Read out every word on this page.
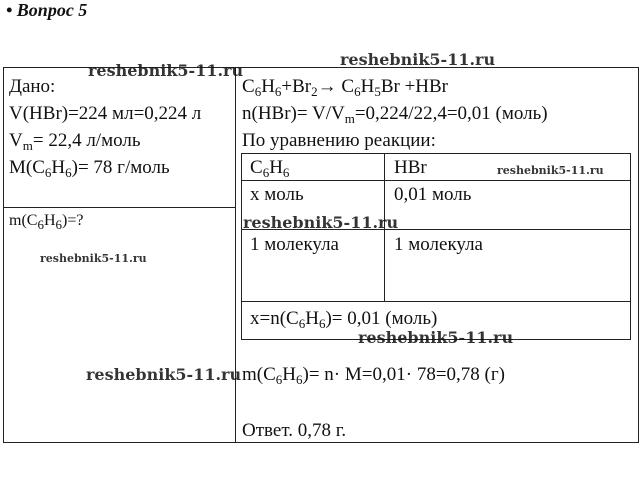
• Вопрос 5
Дано:
V(HBr)=224 мл=0,224 л
$V_m= 22,4$ л/моль
$M(C_6H_6)= 78$ г/моль
$m(C_6H_6)=$?
$C_6H_6+Br_2\to C_6H_5Br +HBr$
$n(HBr)= V/V_m=0,224/22,4=0,01$ (моль)
По уравнению реакции:
$C_6H_6$	HBr
x моль	0,01 моль
1 молекула	1 молекула
$x=n(C_6H_6)= 0,01$ (моль)
$m(C_6H_6)= n\cdot M=0,01\cdot 78=0,78$ (г)
Ответ. 0,78 г.
reshebnik5-11.ru
reshebnik5-11.ru
reshebnik5-11.ru
reshebnik5-11.ru
reshebnik5-11.ru
reshebnik5-11.ru
reshebnik5-11.ru
